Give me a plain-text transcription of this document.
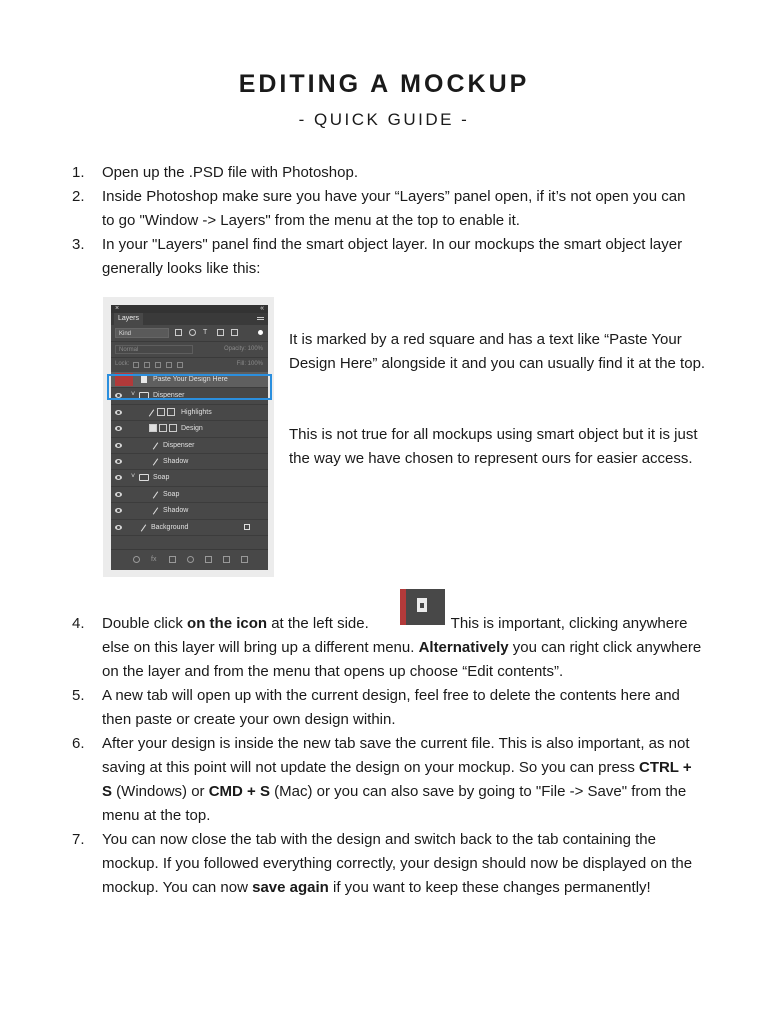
EDITING A MOCKUP
- QUICK GUIDE -
1. Open up the .PSD file with Photoshop.
2. Inside Photoshop make sure you have your “Layers” panel open, if it’s not open you can to go "Window -> Layers" from the menu at the top to enable it.
3. In your "Layers" panel find the smart object layer. In our mockups the smart object layer generally looks like this:
×	«
Layers
Kind	T
Normal	Opacity: 100%
Lock:	Fill: 100%
Paste Your Design Here
˅	Dispenser
Highlights
Design
Dispenser
Shadow
˅	Soap
Soap
Shadow
Background
fx
It is marked by a red square and has a text like “Paste Your Design Here” alongside it and you can usually find it at the top.
This is not true for all mockups using smart object but it is just the way we have chosen to represent ours for easier access.
4. Double click on the icon at the left side.	This is important, clicking anywhere else on this layer will bring up a different menu. Alternatively you can right click anywhere on the layer and from the menu that opens up choose “Edit contents”.
5. A new tab will open up with the current design, feel free to delete the contents here and then paste or create your own design within.
6. After your design is inside the new tab save the current file. This is also important, as not saving at this point will not update the design on your mockup. So you can press CTRL + S (Windows) or CMD + S (Mac) or you can also save by going to "File -> Save" from the menu at the top.
7. You can now close the tab with the design and switch back to the tab containing the mockup. If you followed everything correctly, your design should now be displayed on the mockup. You can now save again if you want to keep these changes permanently!
